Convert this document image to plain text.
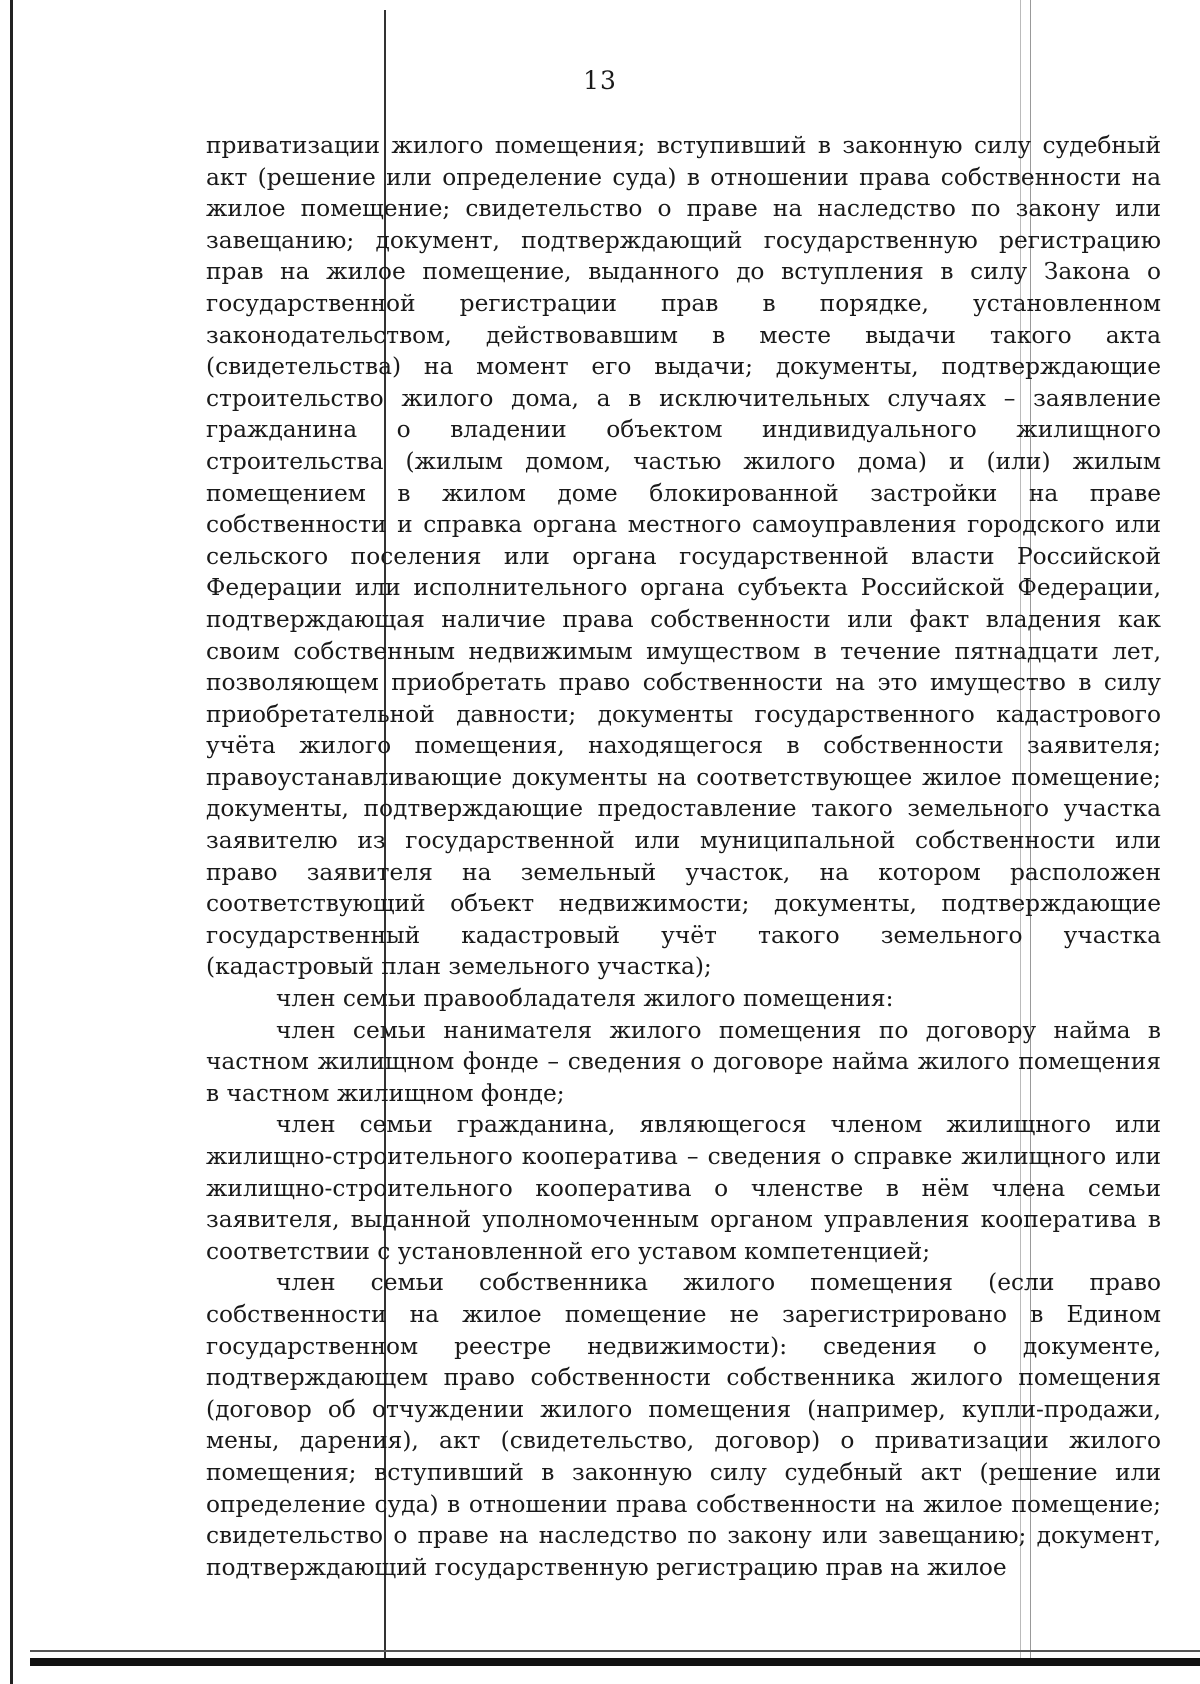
13

приватизации жилого помещения; вступивший в законную силу судебный акт (решение или определение суда) в отношении права собственности на жилое помещение; свидетельство о праве на наследство по закону или завещанию; документ, подтверждающий государственную регистрацию прав на жилое помещение, выданного до вступления в силу Закона о государственной регистрации прав в порядке, установленном законодательством, действовавшим в месте выдачи такого акта (свидетельства) на момент его выдачи; документы, подтверждающие строительство жилого дома, а в исключительных случаях – заявление гражданина о владении объектом индивидуального жилищного строительства (жилым домом, частью жилого дома) и (или) жилым помещением в жилом доме блокированной застройки на праве собственности и справка органа местного самоуправления городского или сельского поселения или органа государственной власти Российской Федерации или исполнительного органа субъекта Российской Федерации, подтверждающая наличие права собственности или факт владения как своим собственным недвижимым имуществом в течение пятнадцати лет, позволяющем приобретать право собственности на это имущество в силу приобретательной давности; документы государственного кадастрового учёта жилого помещения, находящегося в собственности заявителя; правоустанавливающие документы на соответствующее жилое помещение; документы, подтверждающие предоставление такого земельного участка заявителю из государственной или муниципальной собственности или право заявителя на земельный участок, на котором расположен соответствующий объект недвижимости; документы, подтверждающие государственный кадастровый учёт такого земельного участка (кадастровый план земельного участка);

член семьи правообладателя жилого помещения:

член семьи нанимателя жилого помещения по договору найма в частном жилищном фонде – сведения о договоре найма жилого помещения в частном жилищном фонде;

член семьи гражданина, являющегося членом жилищного или жилищно-строительного кооператива – сведения о справке жилищного или жилищно-строительного кооператива о членстве в нём члена семьи заявителя, выданной уполномоченным органом управления кооператива в соответствии с установленной его уставом компетенцией;

член семьи собственника жилого помещения (если право собственности на жилое помещение не зарегистрировано в Едином государственном реестре недвижимости): сведения о документе, подтверждающем право собственности собственника жилого помещения (договор об отчуждении жилого помещения (например, купли-продажи, мены, дарения), акт (свидетельство, договор) о приватизации жилого помещения; вступивший в законную силу судебный акт (решение или определение суда) в отношении права собственности на жилое помещение; свидетельство о праве на наследство по закону или завещанию; документ, подтверждающий государственную регистрацию прав на жилое
